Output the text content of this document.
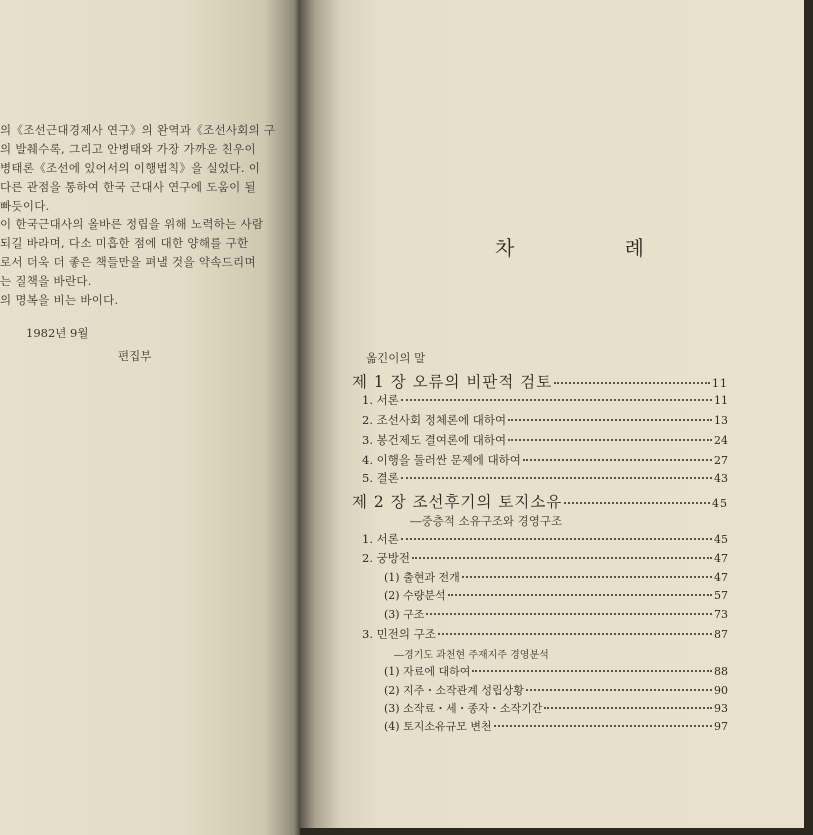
의《조선근대경제사 연구》의 완역과《조선사회의 구
의 발췌수록, 그리고 안병태와 가장 가까운 친우이
병태론《조선에 있어서의 이행법칙》을 실었다. 이
다른 관점을 통하여 한국 근대사 연구에 도움이 될
빠듯이다.
이 한국근대사의 올바른 정립을 위해 노력하는 사람
되길 바라며, 다소 미흡한 점에 대한 양해를 구한
로서 더욱 더 좋은 책들만을 펴낼 것을 약속드리며
는 질책을 바란다.
의 명복을 비는 바이다.
1982년 9월
편집부
차 례
옮긴이의 말
제 1 장 오류의 비판적 검토	11
1. 서론	11
2. 조선사회 정체론에 대하여	13
3. 봉건제도 결여론에 대하여	24
4. 이행을 둘러싼 문제에 대하여	27
5. 결론	43
제 2 장 조선후기의 토지소유	45
―중층적 소유구조와 경영구조
1. 서론	45
2. 궁방전	47
(1) 출현과 전개	47
(2) 수량분석	57
(3) 구조	73
3. 민전의 구조	87
―경기도 과천현 주재지주 경영분석
(1) 자료에 대하여	88
(2) 지주・소작관계 성립상황	90
(3) 소작료・세・종자・소작기간	93
(4) 토지소유규모 변천	97
